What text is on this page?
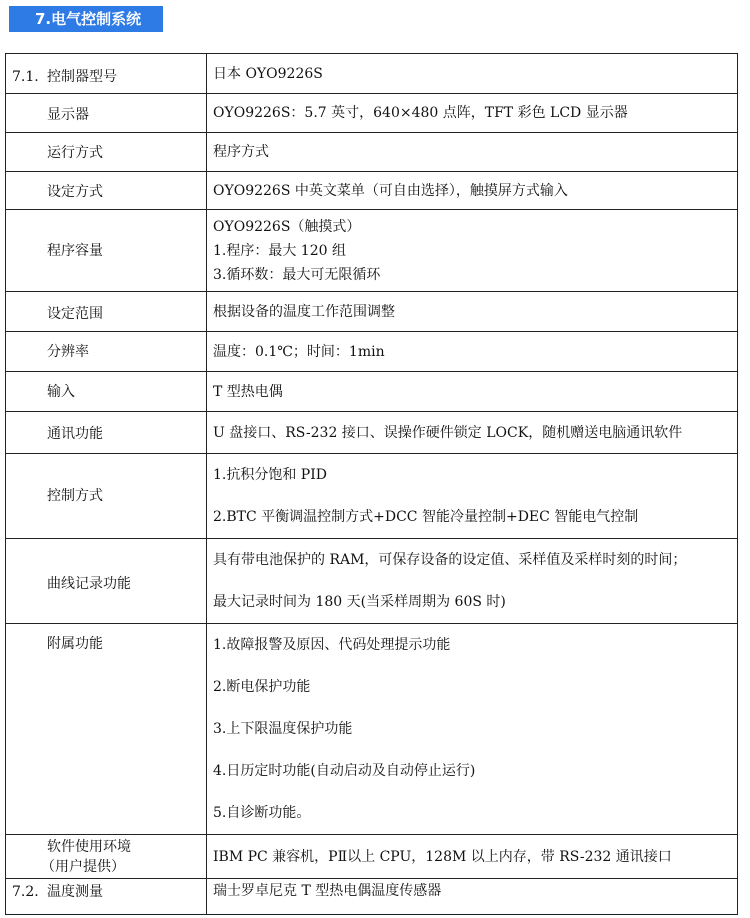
7.电气控制系统
7.1. 控制器型号	日本 OYO9226S

显示器	OYO9226S：5.7 英寸，640×480 点阵，TFT 彩色 LCD 显示器

运行方式	程序方式

设定方式	OYO9226S 中英文菜单（可自由选择），触摸屏方式输入

程序容量	OYO9226S（触摸式）
1.程序：最大 120 组
3.循环数：最大可无限循环

设定范围	根据设备的温度工作范围调整

分辨率	温度：0.1℃；时间：1min

输入	T 型热电偶

通讯功能	U 盘接口、RS-232 接口、误操作硬件锁定 LOCK，随机赠送电脑通讯软件

控制方式	1.抗积分饱和 PID
2.BTC 平衡调温控制方式+DCC 智能冷量控制+DEC 智能电气控制

曲线记录功能	具有带电池保护的 RAM，可保存设备的设定值、采样值及采样时刻的时间；
最大记录时间为 180 天(当采样周期为 60S 时)

附属功能	1.故障报警及原因、代码处理提示功能
2.断电保护功能
3.上下限温度保护功能
4.日历定时功能(自动启动及自动停止运行)
5.自诊断功能。

软件使用环境
（用户提供）	IBM PC 兼容机，PⅡ以上 CPU，128M 以上内存，带 RS-232 通讯接口

7.2. 温度测量	瑞士罗卓尼克 T 型热电偶温度传感器
